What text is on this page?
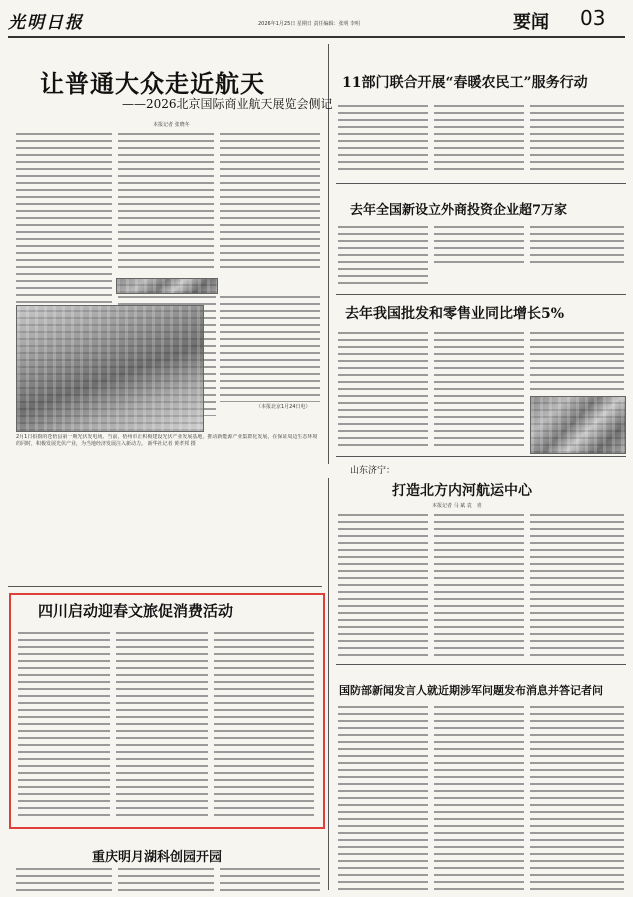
光明日报	2026年1月25日 星期日 责任编辑：张明 李明	要闻 03
让普通大众走近航天
——2026北京国际商业航天展览会侧记
本报记者 张晓冬
（本报北京1月24日电）
2月1日拍摄的苍梧县第一期光伏发电场。当前，梧州市正积极建设光伏产业发展基地，推动新能源产业集群化发展，在保证周边生态环境的同时，积极发展光伏产业，为当地经济发展注入新动力。 新华社记者 黄孝邦 摄
11部门联合开展“春暖农民工”服务行动
去年全国新设立外商投资企业超7万家
去年我国批发和零售业同比增长5%
山东济宁：
打造北方内河航运中心
本报记者 马 斌 袁　喜
国防部新闻发言人就近期涉军问题发布消息并答记者问
四川启动迎春文旅促消费活动
重庆明月湖科创园开园
